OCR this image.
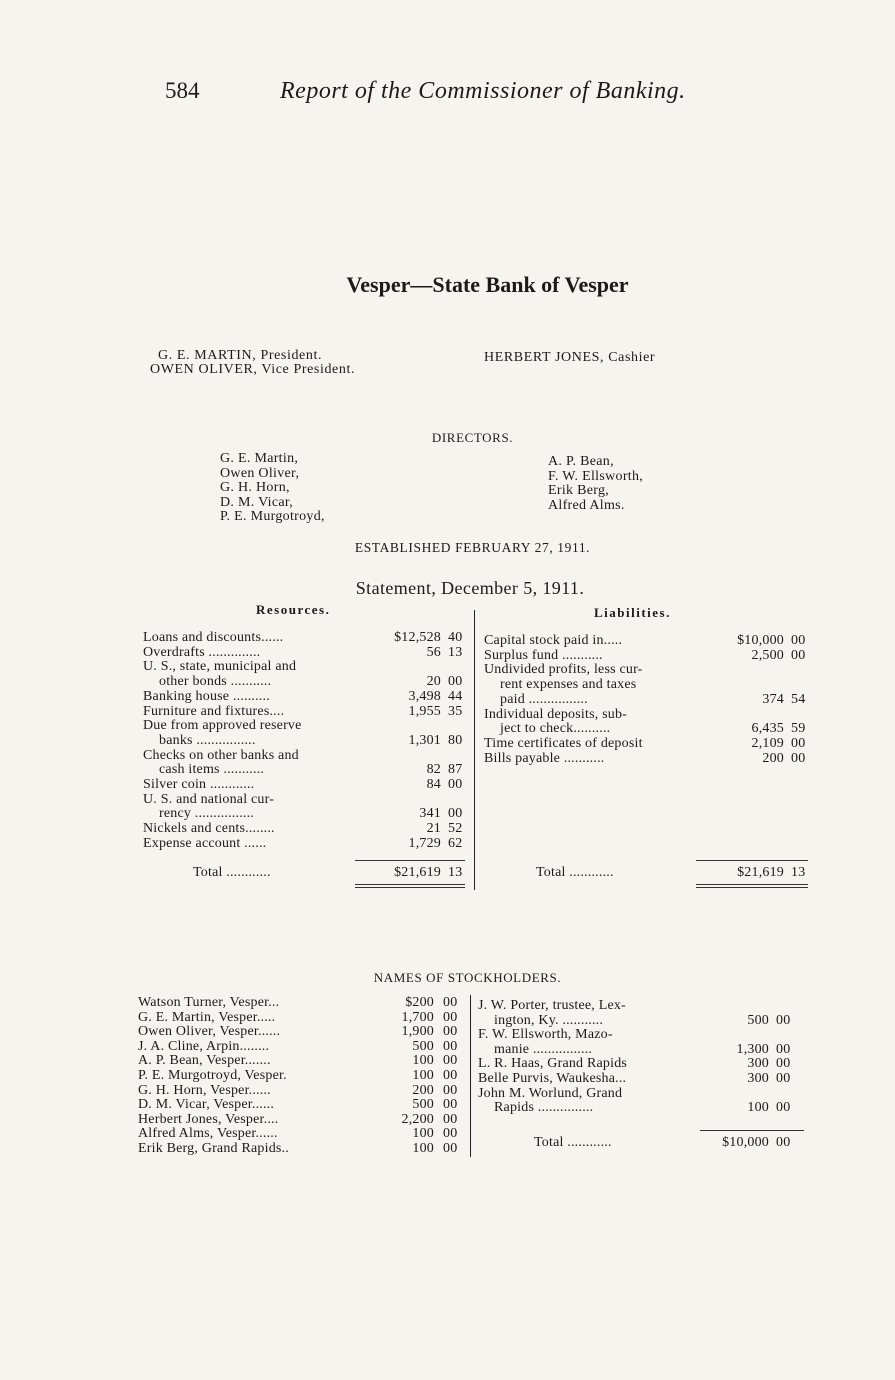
584	Report of the Commissioner of Banking.
Vesper—State Bank of Vesper
G. E. MARTIN, President.
OWEN OLIVER, Vice President.
HERBERT JONES, Cashier
DIRECTORS.
G. E. Martin,
Owen Oliver,
G. H. Horn,
D. M. Vicar,
P. E. Murgotroyd,
A. P. Bean,
F. W. Ellsworth,
Erik Berg,
Alfred Alms.
ESTABLISHED FEBRUARY 27, 1911.
Statement, December 5, 1911.
Resources.	Liabilities.
Loans and discounts......	$12,528 40
Overdrafts ..............	56 13
U. S., state, municipal and
other bonds ...........	20 00
Banking house ..........	3,498 44
Furniture and fixtures....	1,955 35
Due from approved reserve
banks ................	1,301 80
Checks on other banks and
cash items ...........	82 87
Silver coin ............	84 00
U. S. and national cur-
rency ................	341 00
Nickels and cents........	21 52
Expense account ......	1,729 62
Total ............	$21,619 13
Capital stock paid in.....	$10,000 00
Surplus fund ...........	2,500 00
Undivided profits, less cur-
rent expenses and taxes
paid ................	374 54
Individual deposits, sub-
ject to check..........	6,435 59
Time certificates of deposit	2,109 00
Bills payable ...........	200 00
Total ............	$21,619 13
NAMES OF STOCKHOLDERS.
Watson Turner, Vesper...	$200 00
G. E. Martin, Vesper.....	1,700 00
Owen Oliver, Vesper......	1,900 00
J. A. Cline, Arpin........	500 00
A. P. Bean, Vesper.......	100 00
P. E. Murgotroyd, Vesper.	100 00
G. H. Horn, Vesper......	200 00
D. M. Vicar, Vesper......	500 00
Herbert Jones, Vesper....	2,200 00
Alfred Alms, Vesper......	100 00
Erik Berg, Grand Rapids..	100 00
J. W. Porter, trustee, Lex-
ington, Ky. ...........	500 00
F. W. Ellsworth, Mazo-
manie ................	1,300 00
L. R. Haas, Grand Rapids	300 00
Belle Purvis, Waukesha...	300 00
John M. Worlund, Grand
Rapids ...............	100 00
Total ............	$10,000 00
